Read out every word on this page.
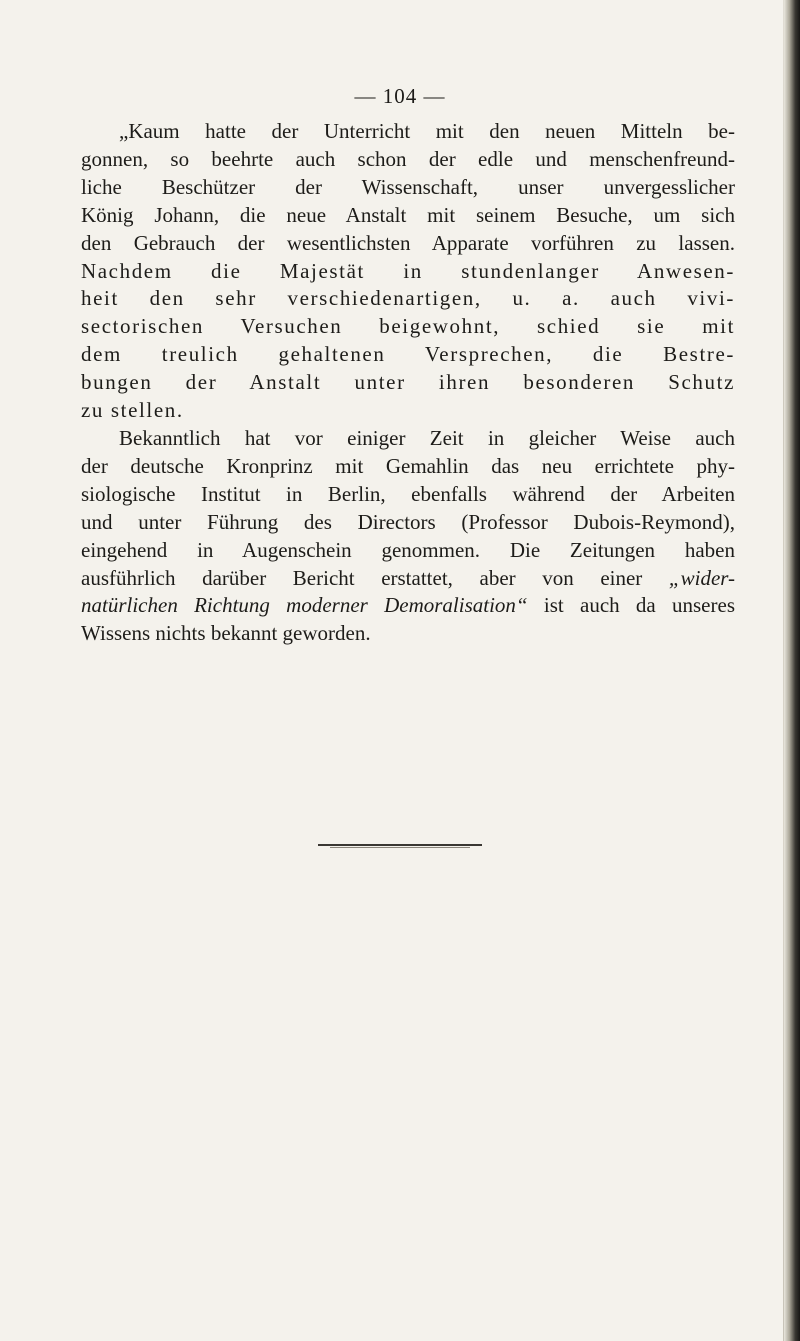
— 104 —
„Kaum hatte der Unterricht mit den neuen Mitteln be-
gonnen, so beehrte auch schon der edle und menschenfreund-
liche Beschützer der Wissenschaft, unser unvergesslicher
König Johann, die neue Anstalt mit seinem Besuche, um sich
den Gebrauch der wesentlichsten Apparate vorführen zu lassen.
Nachdem die Majestät in stundenlanger Anwesen-
heit den sehr verschiedenartigen, u. a. auch vivi-
sectorischen Versuchen beigewohnt, schied sie mit
dem treulich gehaltenen Versprechen, die Bestre-
bungen der Anstalt unter ihren besonderen Schutz
zu stellen.
Bekanntlich hat vor einiger Zeit in gleicher Weise auch
der deutsche Kronprinz mit Gemahlin das neu errichtete phy-
siologische Institut in Berlin, ebenfalls während der Arbeiten
und unter Führung des Directors (Professor Dubois-Reymond),
eingehend in Augenschein genommen. Die Zeitungen haben
ausführlich darüber Bericht erstattet, aber von einer „wider-
natürlichen Richtung moderner Demoralisation“ ist auch da unseres
Wissens nichts bekannt geworden.
